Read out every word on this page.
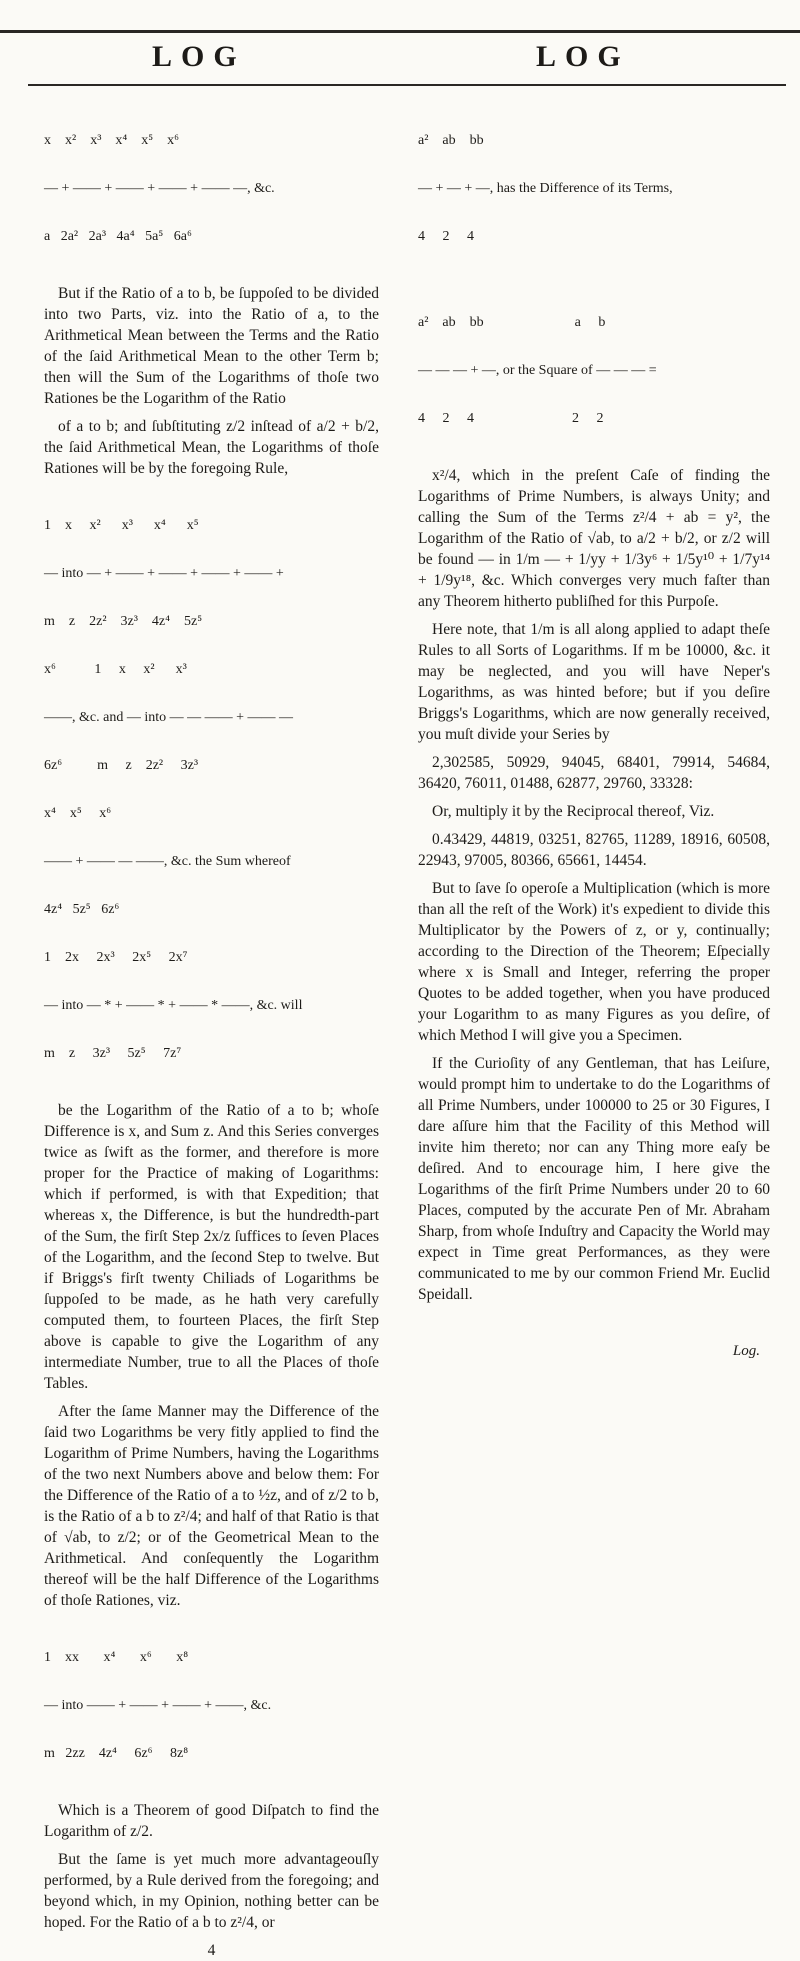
LOG	LOG

x    x²    x³    x⁴    x⁵    x⁶

— + —— + —— + —— + —— —, &c.

a   2a²   2a³   4a⁴   5a⁵   6a⁶

But if the Ratio of a to b, be ſuppoſed to be divided into two Parts, viz. into the Ratio of a, to the Arithmetical Mean between the Terms and the Ratio of the ſaid Arithmetical Mean to the other Term b; then will the Sum of the Logarithms of thoſe two Rationes be the Logarithm of the Ratio

of a to b; and ſubſtituting z/2 inſtead of a/2 + b/2, the ſaid Arithmetical Mean, the Logarithms of thoſe Rationes will be by the foregoing Rule,

1    x     x²      x³      x⁴      x⁵

— into — + —— + —— + —— + —— +

m    z    2z²    3z³    4z⁴    5z⁵

x⁶           1     x     x²      x³

——, &c. and — into — — —— + —— —

6z⁶          m     z    2z²     3z³

x⁴    x⁵     x⁶

—— + —— — ——, &c. the Sum whereof

4z⁴   5z⁵   6z⁶

1    2x     2x³     2x⁵     2x⁷

— into — * + —— * + —— * ——, &c. will

m    z     3z³     5z⁵     7z⁷

be the Logarithm of the Ratio of a to b; whoſe Difference is x, and Sum z. And this Series converges twice as ſwift as the former, and therefore is more proper for the Practice of making of Logarithms: which if performed, is with that Expedition; that whereas x, the Difference, is but the hundredth-part of the Sum, the firſt Step 2x/z ſuffices to ſeven Places of the Logarithm, and the ſecond Step to twelve. But if Briggs's firſt twenty Chiliads of Logarithms be ſuppoſed to be made, as he hath very carefully computed them, to fourteen Places, the firſt Step above is capable to give the Logarithm of any intermediate Number, true to all the Places of thoſe Tables.

After the ſame Manner may the Difference of the ſaid two Logarithms be very fitly applied to find the Logarithm of Prime Numbers, having the Logarithms of the two next Numbers above and below them: For the Difference of the Ratio of a to ½z, and of z/2 to b, is the Ratio of a b to z²/4; and half of that Ratio is that of √ab, to z/2; or of the Geometrical Mean to the Arithmetical. And conſequently the Logarithm thereof will be the half Difference of the Logarithms of thoſe Rationes, viz.

1    xx       x⁴       x⁶       x⁸

— into —— + —— + —— + ——, &c.

m   2zz    4z⁴     6z⁶     8z⁸

Which is a Theorem of good Diſpatch to find the Logarithm of z/2.

But the ſame is yet much more advantageouſly performed, by a Rule derived from the foregoing; and beyond which, in my Opinion, nothing better can be hoped. For the Ratio of a b to z²/4, or

4

a²    ab    bb

— + — + —, has the Difference of its Terms,

4     2     4

a²    ab    bb                          a     b

— — — + —, or the Square of — — — =

4     2     4                            2     2

x²/4, which in the preſent Caſe of finding the Logarithms of Prime Numbers, is always Unity; and calling the Sum of the Terms z²/4 + ab = y², the Logarithm of the Ratio of √ab, to a/2 + b/2, or z/2 will be found — in 1/m — + 1/yy + 1/3y⁶ + 1/5y¹⁰ + 1/7y¹⁴ + 1/9y¹⁸, &c. Which converges very much faſter than any Theorem hitherto publiſhed for this Purpoſe.

Here note, that 1/m is all along applied to adapt theſe Rules to all Sorts of Logarithms. If m be 10000, &c. it may be neglected, and you will have Neper's Logarithms, as was hinted before; but if you deſire Briggs's Logarithms, which are now generally received, you muſt divide your Series by

2,302585, 50929, 94045, 68401, 79914, 54684, 36420, 76011, 01488, 62877, 29760, 33328:

Or, multiply it by the Reciprocal thereof, Viz.

0.43429, 44819, 03251, 82765, 11289, 18916, 60508, 22943, 97005, 80366, 65661, 14454.

But to ſave ſo operoſe a Multiplication (which is more than all the reſt of the Work) it's expedient to divide this Multiplicator by the Powers of z, or y, continually; according to the Direction of the Theorem; Eſpecially where x is Small and Integer, referring the proper Quotes to be added together, when you have produced your Logarithm to as many Figures as you deſire, of which Method I will give you a Specimen.

If the Curioſity of any Gentleman, that has Leiſure, would prompt him to undertake to do the Logarithms of all Prime Numbers, under 100000 to 25 or 30 Figures, I dare aſſure him that the Facility of this Method will invite him thereto; nor can any Thing more eaſy be deſired. And to encourage him, I here give the Logarithms of the firſt Prime Numbers under 20 to 60 Places, computed by the accurate Pen of Mr. Abraham Sharp, from whoſe Induſtry and Capacity the World may expect in Time great Performances, as they were communicated to me by our common Friend Mr. Euclid Speidall.

Log.
